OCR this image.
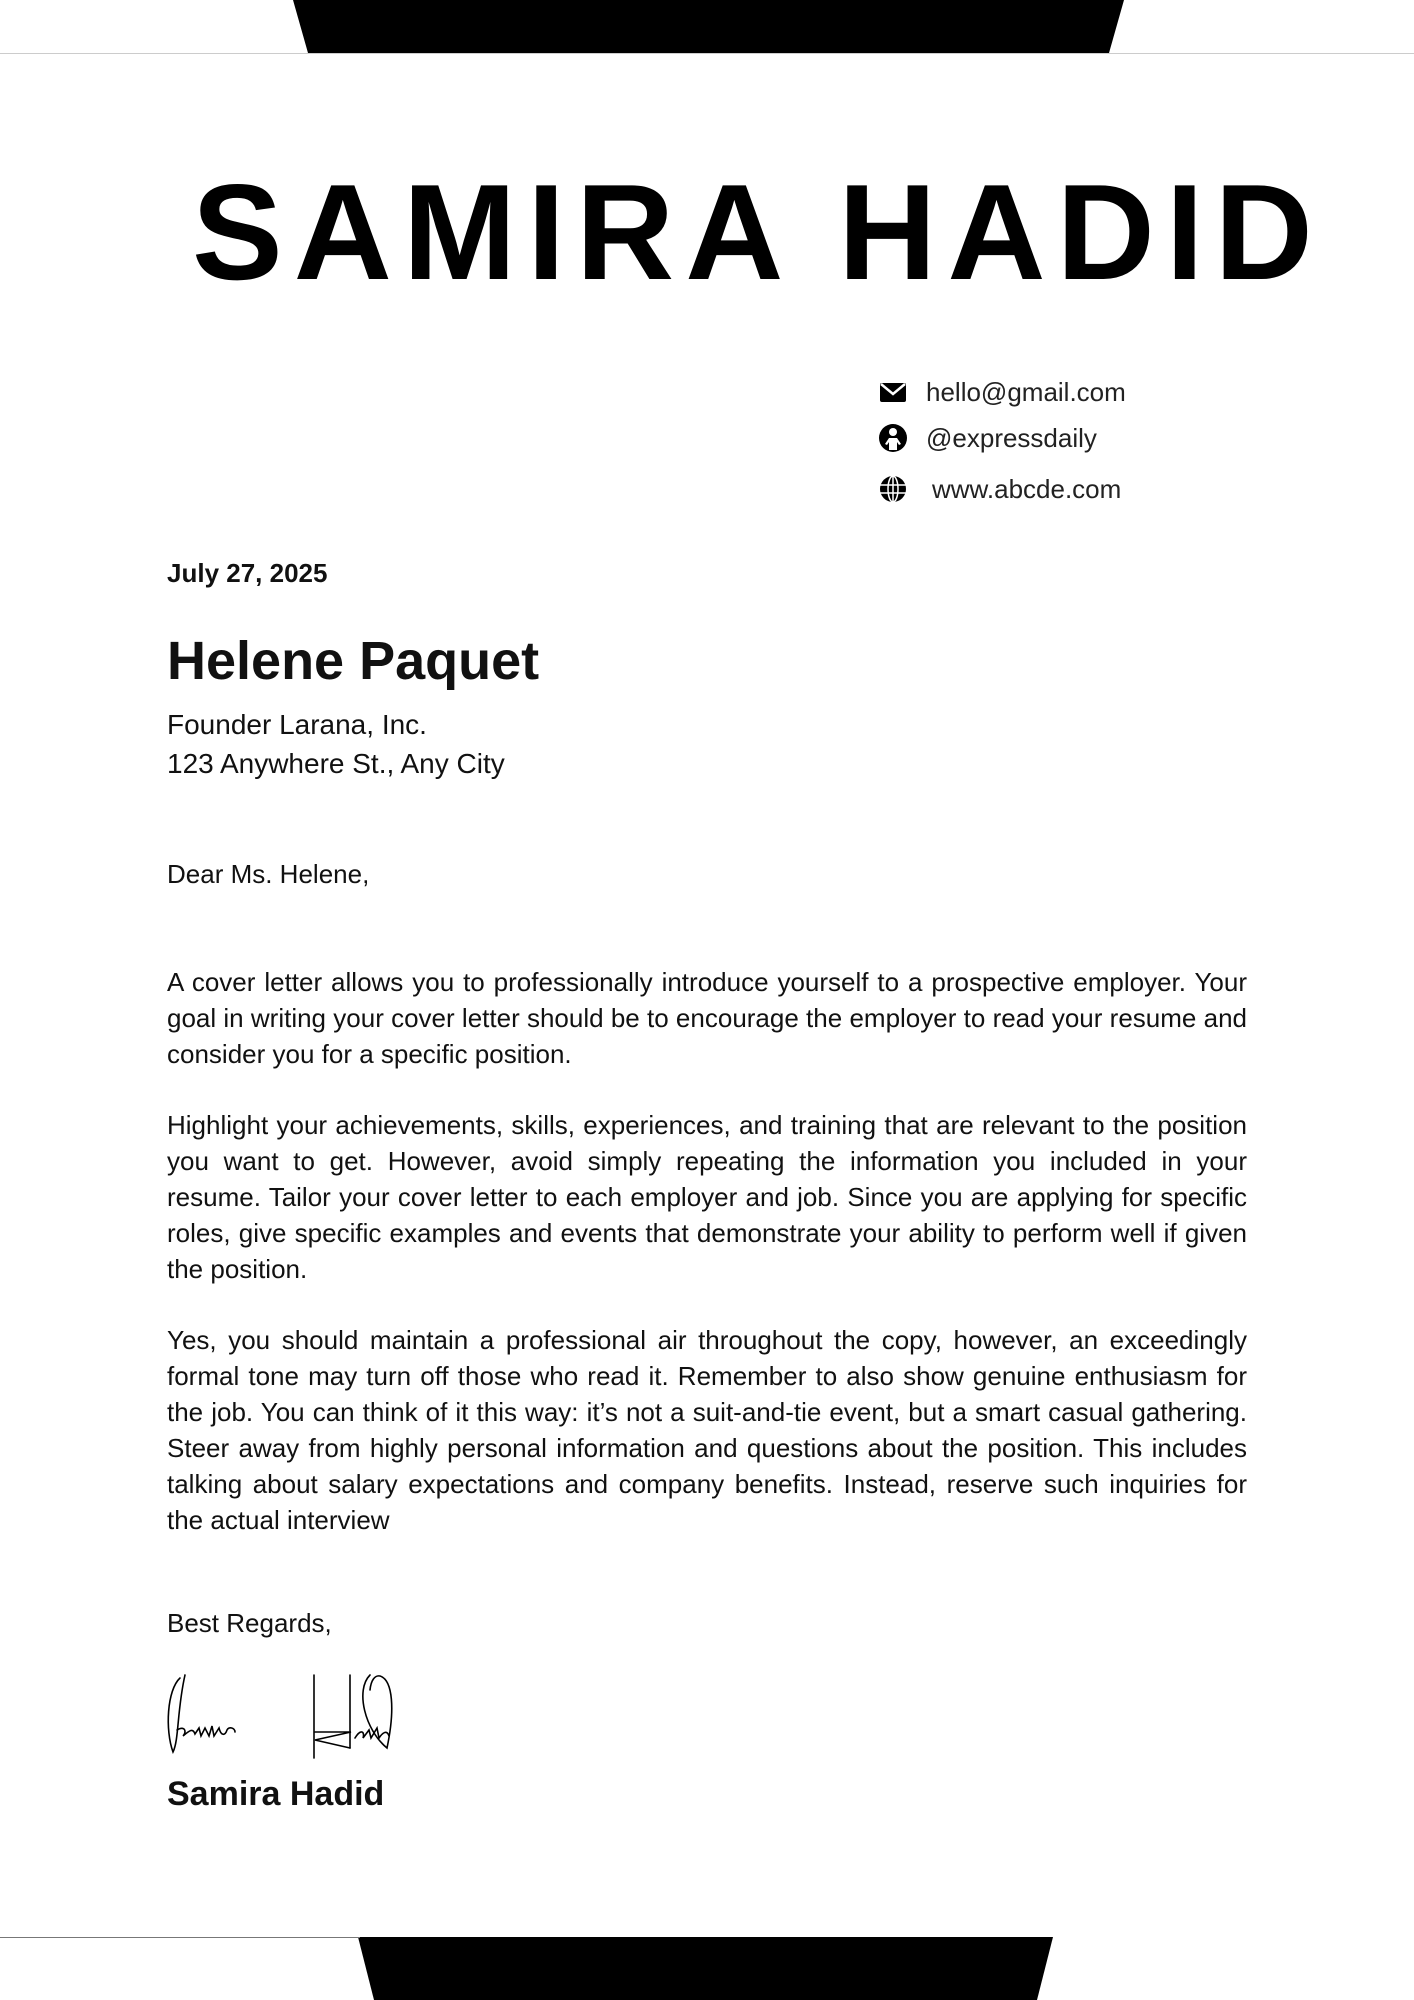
SAMIRA HADID
hello@gmail.com
@expressdaily
www.abcde.com
July 27, 2025
Helene Paquet
Founder Larana, Inc.
123 Anywhere St., Any City
Dear Ms. Helene,

A cover letter allows you to professionally introduce yourself to a prospective employer. Your goal in writing your cover letter should be to encourage the employer to read your resume and consider you for a specific position.

Highlight your achievements, skills, experiences, and training that are relevant to the position you want to get. However, avoid simply repeating the information you included in your resume. Tailor your cover letter to each employer and job. Since you are applying for specific roles, give specific examples and events that demonstrate your ability to perform well if given the position.

Yes, you should maintain a professional air throughout the copy, however, an exceedingly formal tone may turn off those who read it. Remember to also show genuine enthusiasm for the job. You can think of it this way: it’s not a suit-and-tie event, but a smart casual gathering. Steer away from highly personal information and questions about the position. This includes talking about salary expectations and company benefits. Instead, reserve such inquiries for the actual interview

Best Regards,
Samira Hadid
